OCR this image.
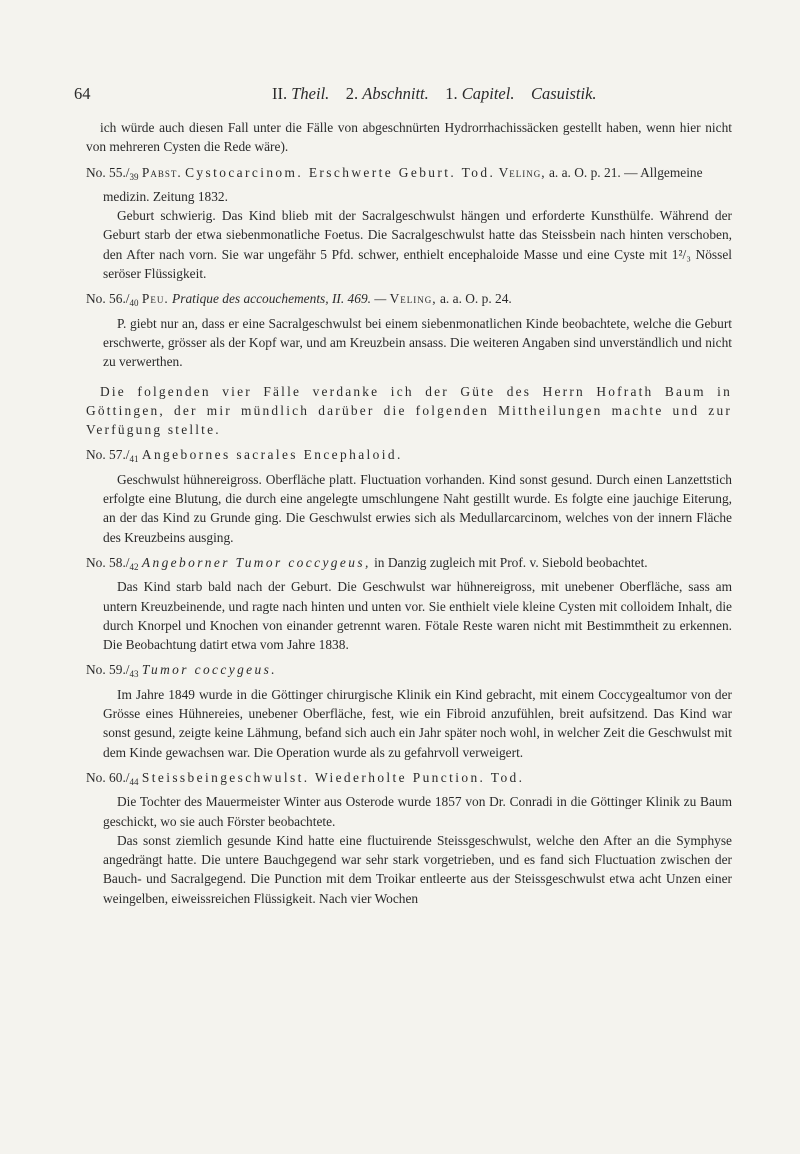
64	II. Theil. 2. Abschnitt. 1. Capitel. Casuistik.

ich würde auch diesen Fall unter die Fälle von abgeschnürten Hydrorrhachissäcken gestellt haben, wenn hier nicht von mehreren Cysten die Rede wäre).

No. $55./_{39}$ Pabst. Cystocarcinom. Erschwerte Geburt. Tod. Veling, a. a. O. p. 21. — Allgemeine medizin. Zeitung 1832.

Geburt schwierig. Das Kind blieb mit der Sacralgeschwulst hängen und erforderte Kunsthülfe. Während der Geburt starb der etwa siebenmonatliche Foetus. Die Sacralgeschwulst hatte das Steissbein nach hinten verschoben, den After nach vorn. Sie war ungefähr 5 Pfd. schwer, enthielt encephaloide Masse und eine Cyste mit 1²/₃ Nössel seröser Flüssigkeit.

No. $56./_{40}$ Peu. Pratique des accouchements, II. 469. — Veling, a. a. O. p. 24.

P. giebt nur an, dass er eine Sacralgeschwulst bei einem siebenmonatlichen Kinde beobachtete, welche die Geburt erschwerte, grösser als der Kopf war, und am Kreuzbein ansass. Die weiteren Angaben sind unverständlich und nicht zu verwerthen.

Die folgenden vier Fälle verdanke ich der Güte des Herrn Hofrath Baum in Göttingen, der mir mündlich darüber die folgenden Mittheilungen machte und zur Verfügung stellte.

No. $57./_{41}$ Angebornes sacrales Encephaloid.

Geschwulst hühnereigross. Oberfläche platt. Fluctuation vorhanden. Kind sonst gesund. Durch einen Lanzettstich erfolgte eine Blutung, die durch eine angelegte umschlungene Naht gestillt wurde. Es folgte eine jauchige Eiterung, an der das Kind zu Grunde ging. Die Geschwulst erwies sich als Medullarcarcinom, welches von der innern Fläche des Kreuzbeins ausging.

No. $58./_{42}$ Angeborner Tumor coccygeus, in Danzig zugleich mit Prof. v. Siebold beobachtet.

Das Kind starb bald nach der Geburt. Die Geschwulst war hühnereigross, mit unebener Oberfläche, sass am untern Kreuzbeinende, und ragte nach hinten und unten vor. Sie enthielt viele kleine Cysten mit colloidem Inhalt, die durch Knorpel und Knochen von einander getrennt waren. Fötale Reste waren nicht mit Bestimmtheit zu erkennen. Die Beobachtung datirt etwa vom Jahre 1838.

No. $59./_{43}$ Tumor coccygeus.

Im Jahre 1849 wurde in die Göttinger chirurgische Klinik ein Kind gebracht, mit einem Coccygealtumor von der Grösse eines Hühnereies, unebener Oberfläche, fest, wie ein Fibroid anzufühlen, breit aufsitzend. Das Kind war sonst gesund, zeigte keine Lähmung, befand sich auch ein Jahr später noch wohl, in welcher Zeit die Geschwulst mit dem Kinde gewachsen war. Die Operation wurde als zu gefahrvoll verweigert.

No. $60./_{44}$ Steissbeingeschwulst. Wiederholte Punction. Tod.

Die Tochter des Mauermeister Winter aus Osterode wurde 1857 von Dr. Conradi in die Göttinger Klinik zu Baum geschickt, wo sie auch Förster beobachtete.

Das sonst ziemlich gesunde Kind hatte eine fluctuirende Steissgeschwulst, welche den After an die Symphyse angedrängt hatte. Die untere Bauchgegend war sehr stark vorgetrieben, und es fand sich Fluctuation zwischen der Bauch- und Sacralgegend. Die Punction mit dem Troikar entleerte aus der Steissgeschwulst etwa acht Unzen einer weingelben, eiweissreichen Flüssigkeit. Nach vier Wochen
